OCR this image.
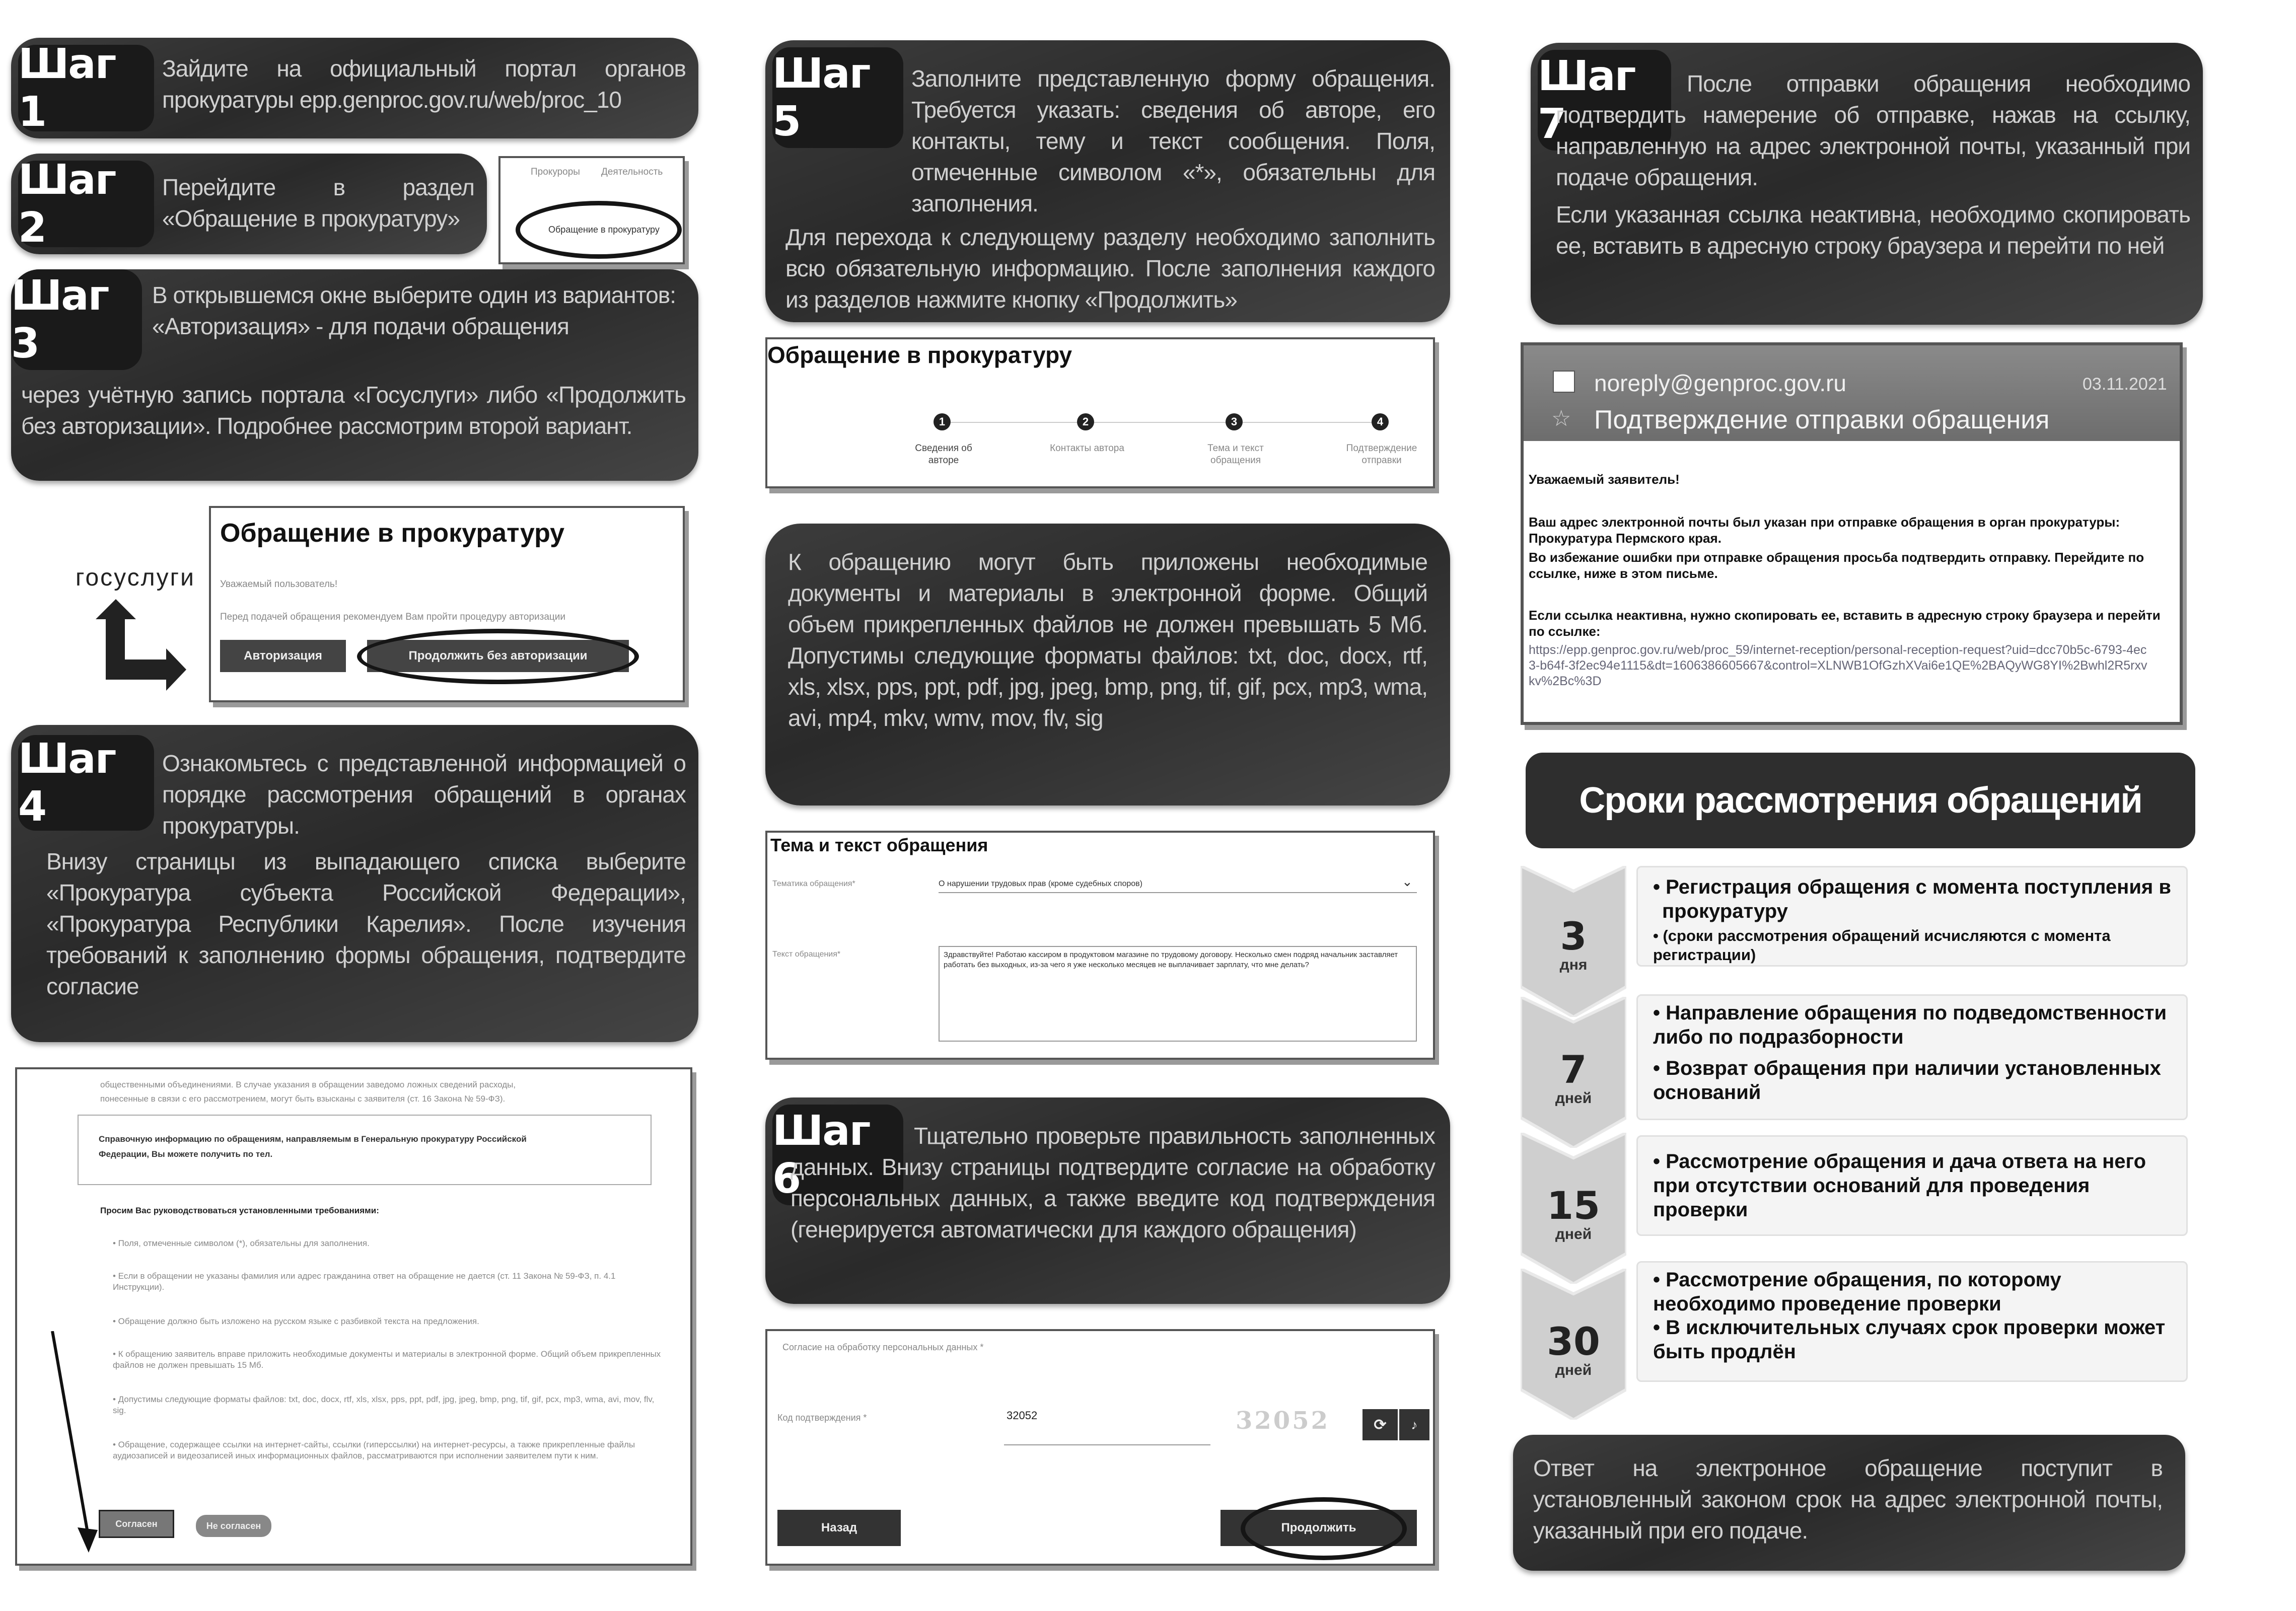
Шаг 1
Зайдите на официальный портал органов прокуратуры epp.genproc.gov.ru/web/proc_10
Шаг 2
Перейдите в раздел «Обращение в прокуратуру»
Прокуроры Деятельность
Обращение в прокуратуру
Шаг 3
В открывшемся окне выберите один из вариантов: «Авторизация» - для подачи обращения
через учётную запись портала «Госуслуги» либо «Продолжить без авторизации». Подробнее рассмотрим второй вариант.
госуслуги
Обращение в прокуратуру
Уважаемый пользователь!
Перед подачей обращения рекомендуем Вам пройти процедуру авторизации
Авторизация	Продолжить без авторизации
Шаг 4
Ознакомьтесь с представленной информацией о порядке рассмотрения обращений в органах прокуратуры.
Внизу страницы из выпадающего списка выберите «Прокуратура субъекта Российской Федерации», «Прокуратура Республики Карелия». После изучения требований к заполнению формы обращения, подтвердите согласие
общественными объединениями. В случае указания в обращении заведомо ложных сведений расходы,
понесенные в связи с его рассмотрением, могут быть взысканы с заявителя (ст. 16 Закона № 59-ФЗ).
Справочную информацию по обращениям, направляемым в Генеральную прокуратуру Российской
Федерации, Вы можете получить по тел.
Просим Вас руководствоваться установленными требованиями:
• Поля, отмеченные символом (*), обязательны для заполнения.
• Если в обращении не указаны фамилия или адрес гражданина ответ на обращение не дается (ст. 11 Закона № 59-ФЗ, п. 4.1 Инструкции).
• Обращение должно быть изложено на русском языке с разбивкой текста на предложения.
• К обращению заявитель вправе приложить необходимые документы и материалы в электронной форме. Общий объем прикрепленных файлов не должен превышать 15 Мб.
• Допустимы следующие форматы файлов: txt, doc, docx, rtf, xls, xlsx, pps, ppt, pdf, jpg, jpeg, bmp, png, tif, gif, pcx, mp3, wma, avi, mov, flv, sig.
• Обращение, содержащее ссылки на интернет-сайты, ссылки (гиперссылки) на интернет-ресурсы, а также прикрепленные файлы аудиозаписей и видеозаписей иных информационных файлов, рассматриваются при исполнении заявителем пути к ним.
Согласен	Не согласен
Шаг 5
Заполните представленную форму обращения. Требуется указать: сведения об авторе, его контакты, тему и текст сообщения. Поля, отмеченные символом «*», обязательны для заполнения.
Для перехода к следующему разделу необходимо заполнить всю обязательную информацию. После заполнения каждого из разделов нажмите кнопку «Продолжить»
Обращение в прокуратуру
1	2	3	4
Сведения об авторе
Контакты автора	Тема и текст обращения
Подтверждение отправки
К обращению могут быть приложены необходимые документы и материалы в электронной форме. Общий объем прикрепленных файлов не должен превышать 5 Мб. Допустимы следующие форматы файлов: txt, doc, docx, rtf, xls, xlsx, pps, ppt, pdf, jpg, jpeg, bmp, png, tif, gif, pcx, mp3, wma, avi, mp4, mkv, wmv, mov, flv, sig
Тема и текст обращения
Тематика обращения*	О нарушении трудовых прав (кроме судебных споров)	⌄
Текст обращения*	Здравствуйте! Работаю кассиром в продуктовом магазине по трудовому договору. Несколько смен подряд начальник заставляет работать без выходных, из-за чего я уже несколько месяцев не выплачивает зарплату, что мне делать?
Шаг 6
Тщательно проверьте правильность заполненных данных. Внизу страницы подтвердите согласие на обработку персональных данных, а также введите код подтверждения (генерируется автоматически для каждого обращения)
Согласие на обработку персональных данных *
Код подтверждения *	32052	32052	⟳	♪
Назад	Продолжить
Шаг 7
После отправки обращения необходимо подтвердить намерение об отправке, нажав на ссылку, направленную на адрес электронной почты, указанный при подаче обращения.
Если указанная ссылка неактивна, необходимо скопировать ее, вставить в адресную строку браузера и перейти по ней
noreply@genproc.gov.ru	03.11.2021
☆ Подтверждение отправки обращения
Уважаемый заявитель!
Ваш адрес электронной почты был указан при отправке обращения в орган прокуратуры: Прокуратура Пермского края.
Во избежание ошибки при отправке обращения просьба подтвердить отправку. Перейдите по ссылке, ниже в этом письме.
Если ссылка неактивна, нужно скопировать ее, вставить в адресную строку браузера и перейти по ссылке:
https://epp.genproc.gov.ru/web/proc_59/internet-reception/personal-reception-request?uid=dcc70b5c-6793-4ec3-b64f-3f2ec94e1115&dt=1606386605667&control=XLNWB1OfGzhXVai6e1QE%2BAQyWG8YI%2Bwhl2R5rxvkv%2Bc%3D
Сроки рассмотрения обращений
3
дня
• Регистрация обращения с момента поступления в прокуратуру
• (сроки рассмотрения обращений исчисляются с момента регистрации)
7
дней
• Направление обращения по подведомственности либо по подразборности
• Возврат обращения при наличии установленных оснований
15
дней
• Рассмотрение обращения и дача ответа на него при отсутствии оснований для проведения проверки
30
дней
• Рассмотрение обращения, по которому необходимо проведение проверки
• В исключительных случаях срок проверки может быть продлён
Ответ на электронное обращение поступит в установленный законом срок на адрес электронной почты, указанный при его подаче.
